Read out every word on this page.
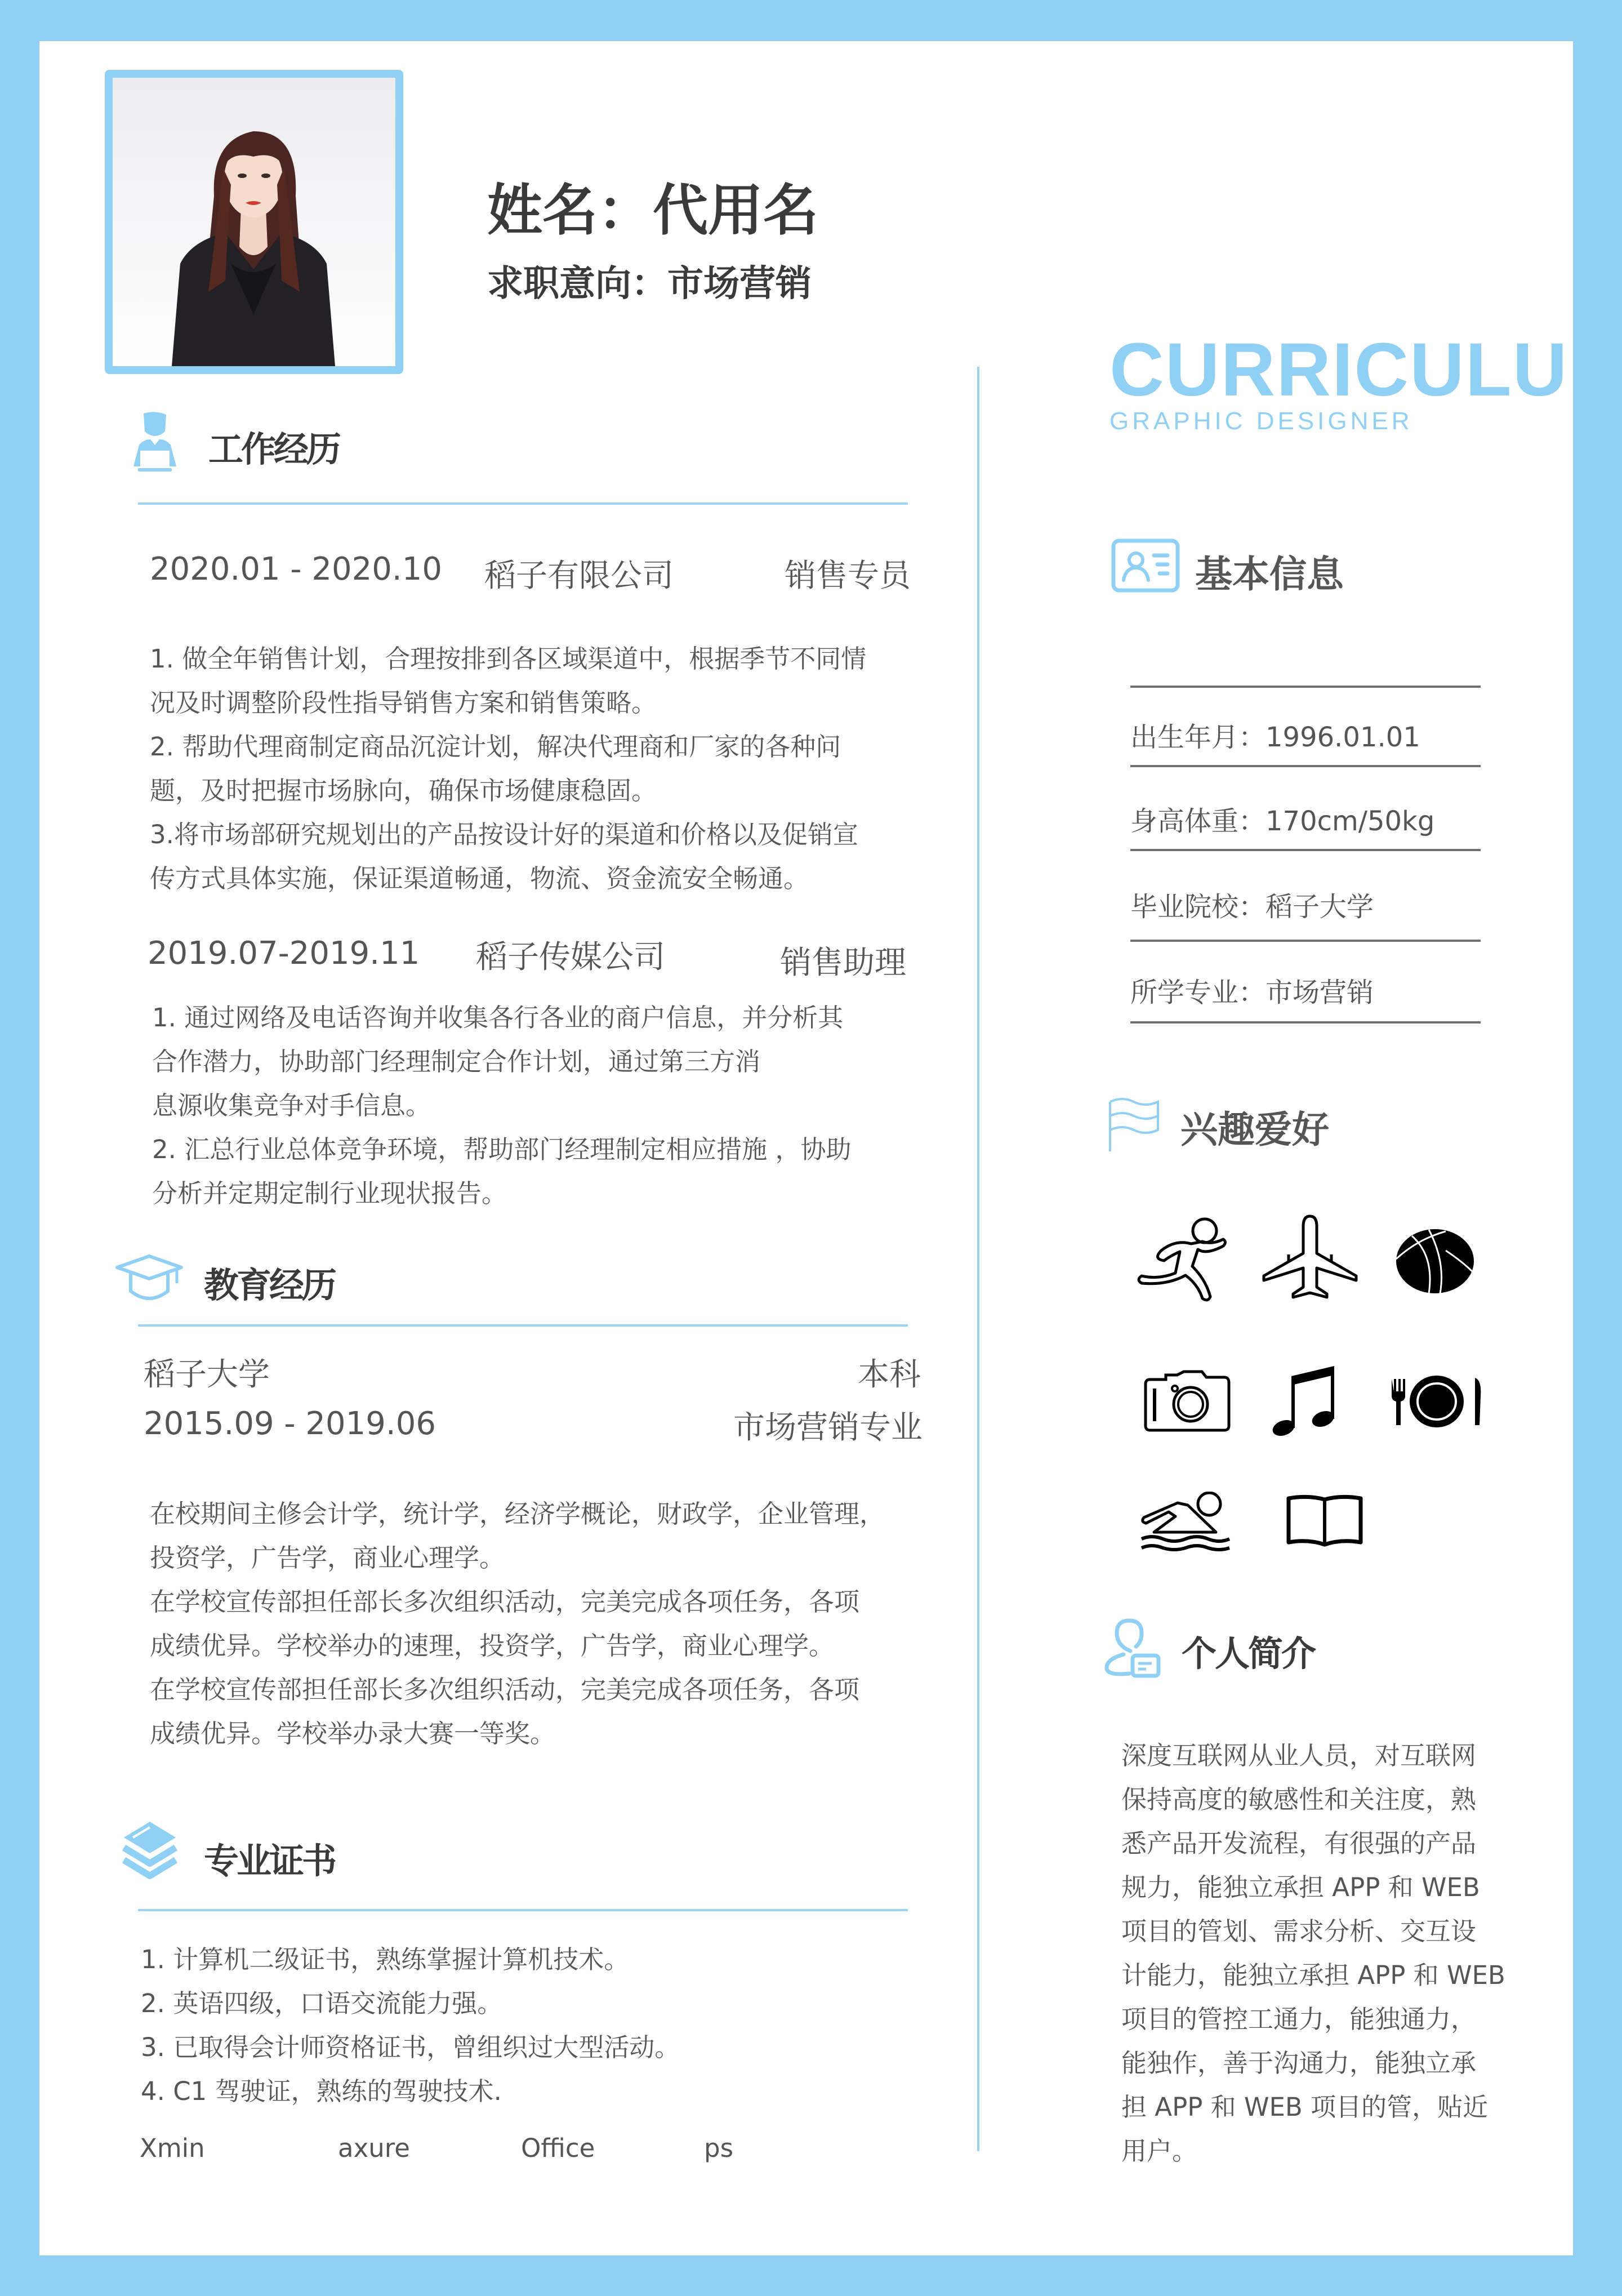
姓名：代用名
求职意向：市场营销
CURRICULU
GRAPHIC DESIGNER
工作经历
2020.01 - 2020.10 稻子有限公司	销售专员
1. 做全年销售计划，合理按排到各区域渠道中，根据季节不同情
况及时调整阶段性指导销售方案和销售策略。
2. 帮助代理商制定商品沉淀计划，解决代理商和厂家的各种问
题，及时把握市场脉向，确保市场健康稳固。
3.将市场部研究规划出的产品按设计好的渠道和价格以及促销宣
传方式具体实施，保证渠道畅通，物流、资金流安全畅通。
2019.07-2019.11 稻子传媒公司	销售助理
1. 通过网络及电话咨询并收集各行各业的商户信息，并分析其
合作潜力，协助部门经理制定合作计划，通过第三方消
息源收集竞争对手信息。
2. 汇总行业总体竞争环境，帮助部门经理制定相应措施 ，协助
分析并定期定制行业现状报告。
教育经历
稻子大学	本科
2015.09 - 2019.06	市场营销专业
在校期间主修会计学，统计学，经济学概论，财政学，企业管理，
投资学，广告学，商业心理学。
在学校宣传部担任部长多次组织活动，完美完成各项任务，各项
成绩优异。学校举办的速理，投资学，广告学，商业心理学。
在学校宣传部担任部长多次组织活动，完美完成各项任务，各项
成绩优异。学校举办录大赛一等奖。
专业证书
1. 计算机二级证书，熟练掌握计算机技术。
2. 英语四级，口语交流能力强。
3. 已取得会计师资格证书，曾组织过大型活动。
4. C1 驾驶证，熟练的驾驶技术.
Xmin	axure	Office	ps
基本信息
出生年月：1996.01.01
身高体重：170cm/50kg
毕业院校：稻子大学
所学专业：市场营销
兴趣爱好
个人简介
深度互联网从业人员，对互联网
保持高度的敏感性和关注度，熟
悉产品开发流程，有很强的产品
规力，能独立承担 APP 和 WEB
项目的管划、需求分析、交互设
计能力，能独立承担 APP 和 WEB
项目的管控工通力，能独通力，
能独作，善于沟通力，能独立承
担 APP 和 WEB 项目的管，贴近
用户。
